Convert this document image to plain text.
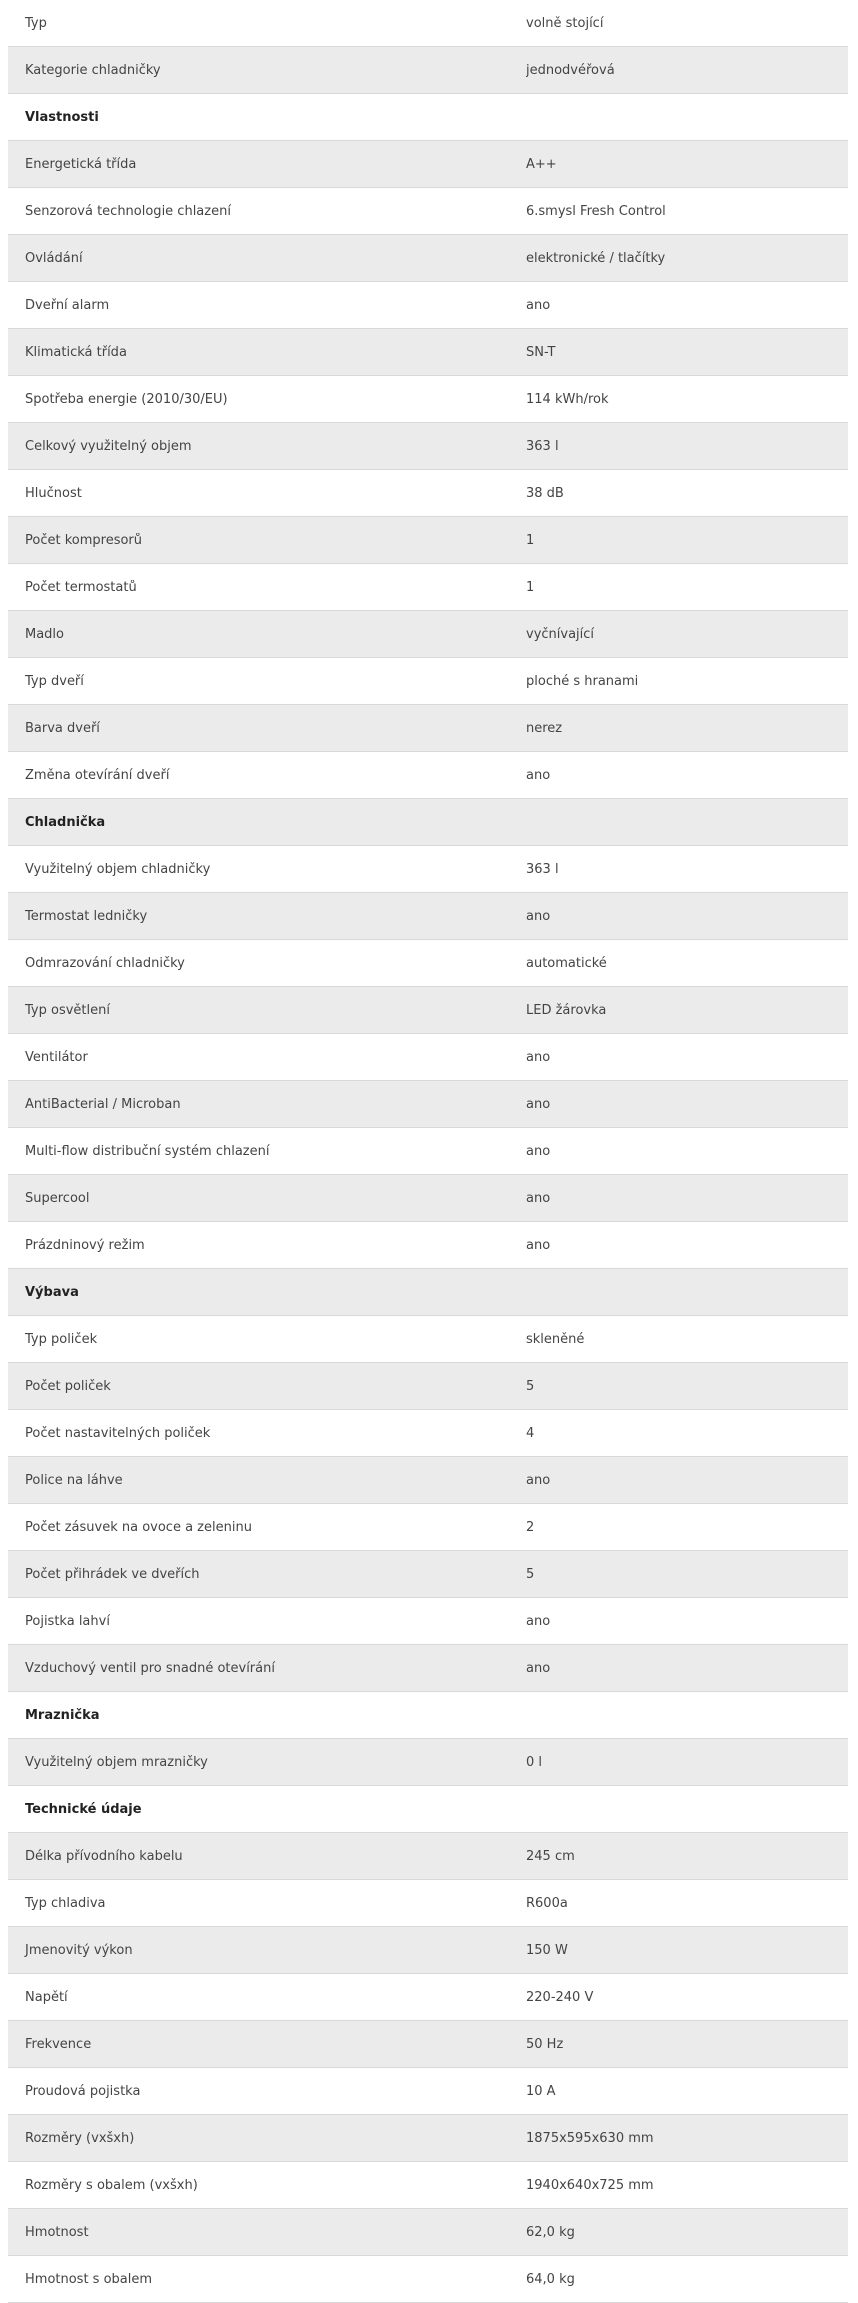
Typ	volně stojící
Kategorie chladničky	jednodvéřová
Vlastnosti
Energetická třída	A++
Senzorová technologie chlazení	6.smysl Fresh Control
Ovládání	elektronické / tlačítky
Dveřní alarm	ano
Klimatická třída	SN-T
Spotřeba energie (2010/30/EU)	114 kWh/rok
Celkový využitelný objem	363 l
Hlučnost	38 dB
Počet kompresorů	1
Počet termostatů	1
Madlo	vyčnívající
Typ dveří	ploché s hranami
Barva dveří	nerez
Změna otevírání dveří	ano
Chladnička
Využitelný objem chladničky	363 l
Termostat ledničky	ano
Odmrazování chladničky	automatické
Typ osvětlení	LED žárovka
Ventilátor	ano
AntiBacterial / Microban	ano
Multi-flow distribuční systém chlazení	ano
Supercool	ano
Prázdninový režim	ano
Výbava
Typ poliček	skleněné
Počet poliček	5
Počet nastavitelných poliček	4
Police na láhve	ano
Počet zásuvek na ovoce a zeleninu	2
Počet přihrádek ve dveřích	5
Pojistka lahví	ano
Vzduchový ventil pro snadné otevírání	ano
Mraznička
Využitelný objem mrazničky	0 l
Technické údaje
Délka přívodního kabelu	245 cm
Typ chladiva	R600a
Jmenovitý výkon	150 W
Napětí	220-240 V
Frekvence	50 Hz
Proudová pojistka	10 A
Rozměry (vxšxh)	1875x595x630 mm
Rozměry s obalem (vxšxh)	1940x640x725 mm
Hmotnost	62,0 kg
Hmotnost s obalem	64,0 kg
